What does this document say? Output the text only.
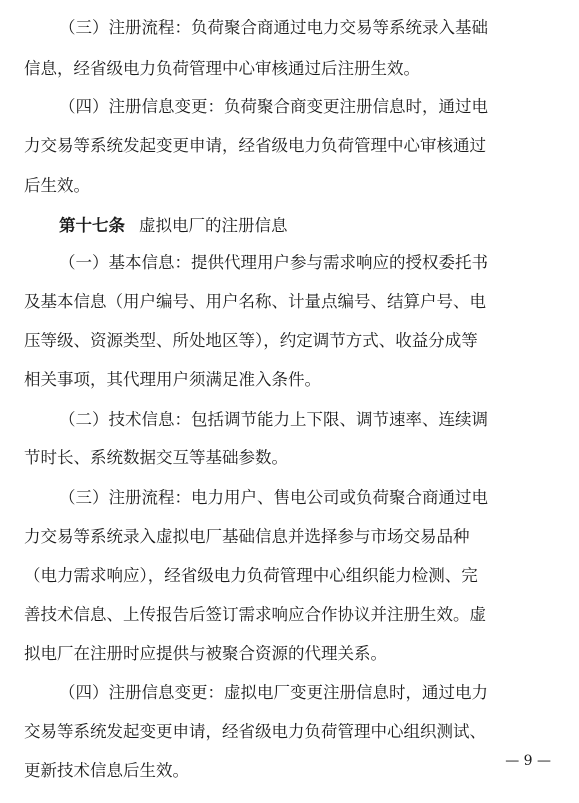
（三）注册流程：负荷聚合商通过电力交易等系统录入基础
信息，经省级电力负荷管理中心审核通过后注册生效。
（四）注册信息变更：负荷聚合商变更注册信息时，通过电
力交易等系统发起变更申请，经省级电力负荷管理中心审核通过
后生效。
第十七条 虚拟电厂的注册信息
（一）基本信息：提供代理用户参与需求响应的授权委托书
及基本信息（用户编号、用户名称、计量点编号、结算户号、电
压等级、资源类型、所处地区等），约定调节方式、收益分成等
相关事项，其代理用户须满足准入条件。
（二）技术信息：包括调节能力上下限、调节速率、连续调
节时长、系统数据交互等基础参数。
（三）注册流程：电力用户、售电公司或负荷聚合商通过电
力交易等系统录入虚拟电厂基础信息并选择参与市场交易品种
（电力需求响应），经省级电力负荷管理中心组织能力检测、完
善技术信息、上传报告后签订需求响应合作协议并注册生效。虚
拟电厂在注册时应提供与被聚合资源的代理关系。
（四）注册信息变更：虚拟电厂变更注册信息时，通过电力
交易等系统发起变更申请，经省级电力负荷管理中心组织测试、
更新技术信息后生效。	— 9 —
